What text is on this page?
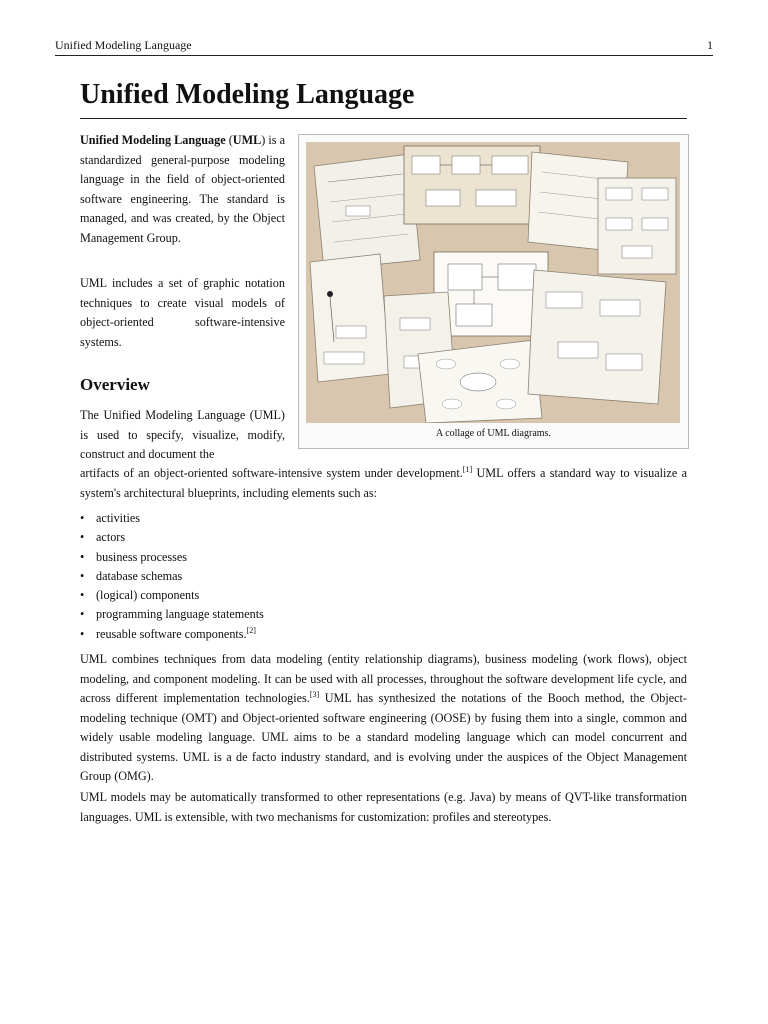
Unified Modeling Language	1
Unified Modeling Language

Unified Modeling Language (UML) is a standardized general-purpose modeling language in the field of object-oriented software engineering. The standard is managed, and was created, by the Object Management Group.

UML includes a set of graphic notation techniques to create visual models of object-oriented software-intensive systems.

Overview

The Unified Modeling Language (UML) is used to specify, visualize, modify, construct and document the

A collage of UML diagrams.

artifacts of an object-oriented software-intensive system under development.[1] UML offers a standard way to visualize a system's architectural blueprints, including elements such as:

• activities
• actors
• business processes
• database schemas
• (logical) components
• programming language statements
• reusable software components.[2]

UML combines techniques from data modeling (entity relationship diagrams), business modeling (work flows), object modeling, and component modeling. It can be used with all processes, throughout the software development life cycle, and across different implementation technologies.[3] UML has synthesized the notations of the Booch method, the Object-modeling technique (OMT) and Object-oriented software engineering (OOSE) by fusing them into a single, common and widely usable modeling language. UML aims to be a standard modeling language which can model concurrent and distributed systems. UML is a de facto industry standard, and is evolving under the auspices of the Object Management Group (OMG).

UML models may be automatically transformed to other representations (e.g. Java) by means of QVT-like transformation languages. UML is extensible, with two mechanisms for customization: profiles and stereotypes.
